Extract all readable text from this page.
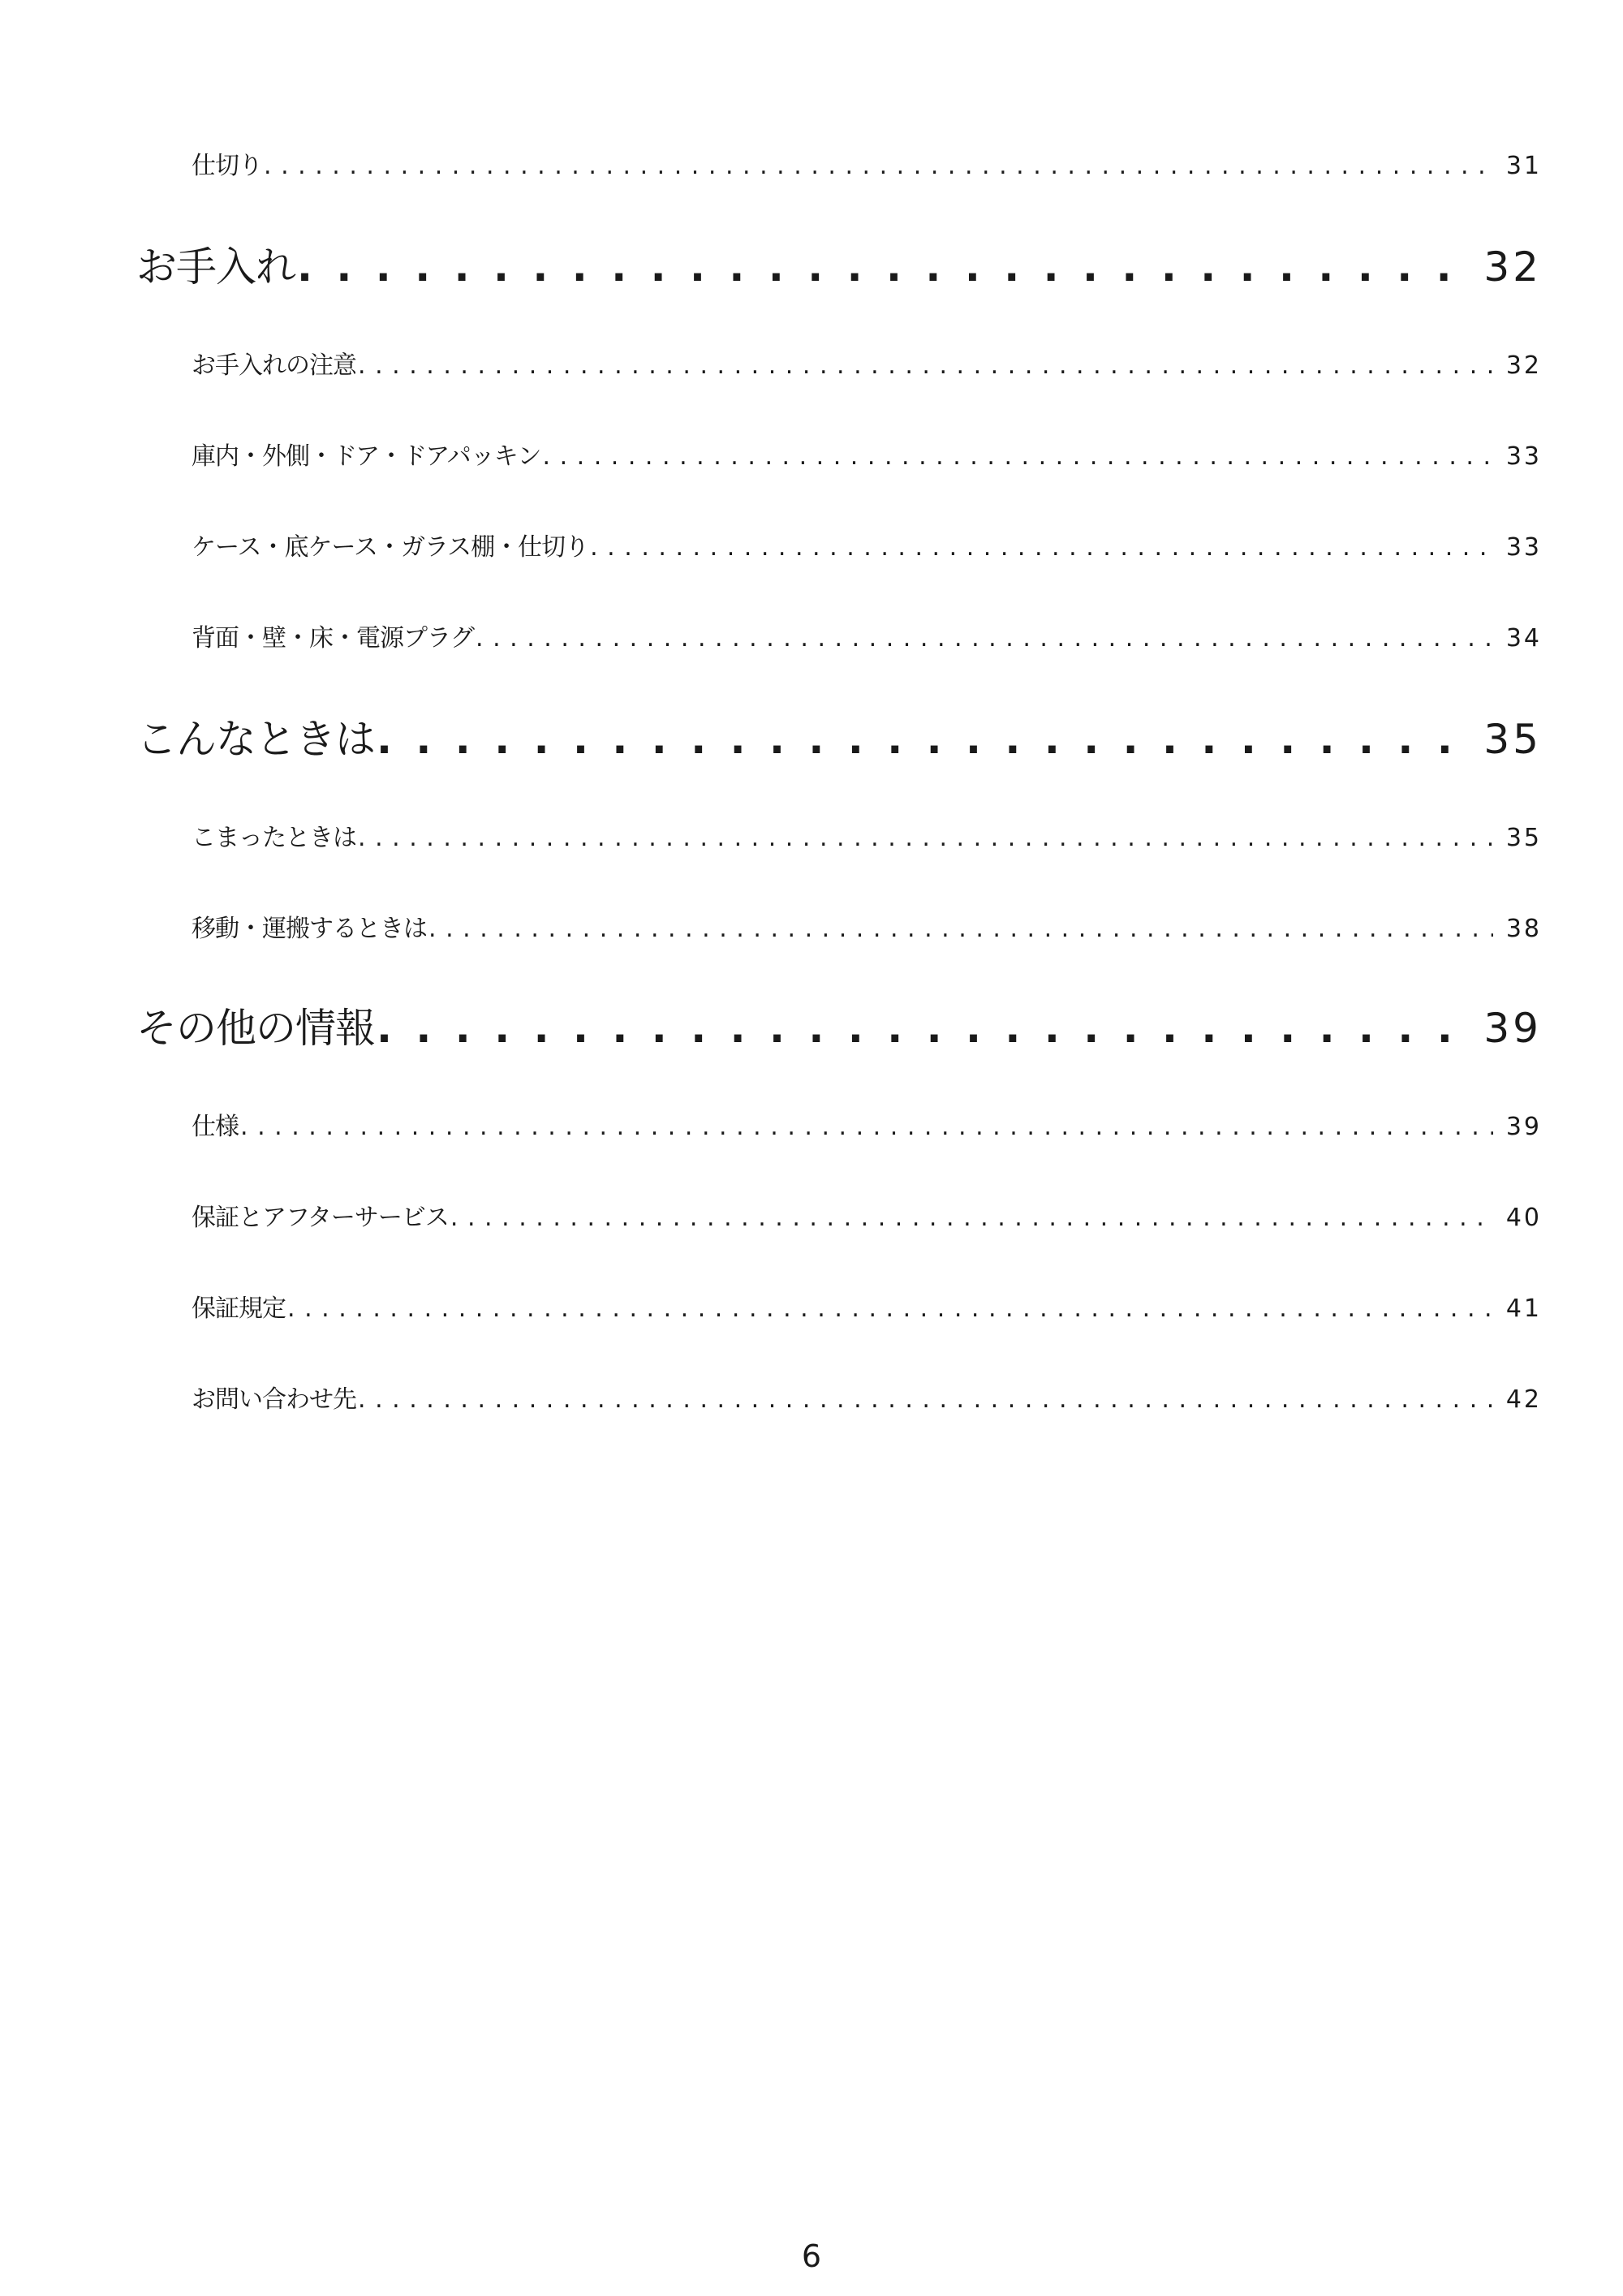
仕切り . . .	31
お手入れ . . .	32
お手入れの注意 . . .	32
庫内・外側・ドア・ドアパッキン . . .	33
ケース・底ケース・ガラス棚・仕切り . . .	33
背面・壁・床・電源プラグ . . .	34
こんなときは . . .	35
こまったときは . . .	35
移動・運搬するときは . . .	38
その他の情報 . . .	39
仕様 . . .	39
保証とアフターサービス . . .	40
保証規定 . . .	41
お問い合わせ先 . . .	42
6
